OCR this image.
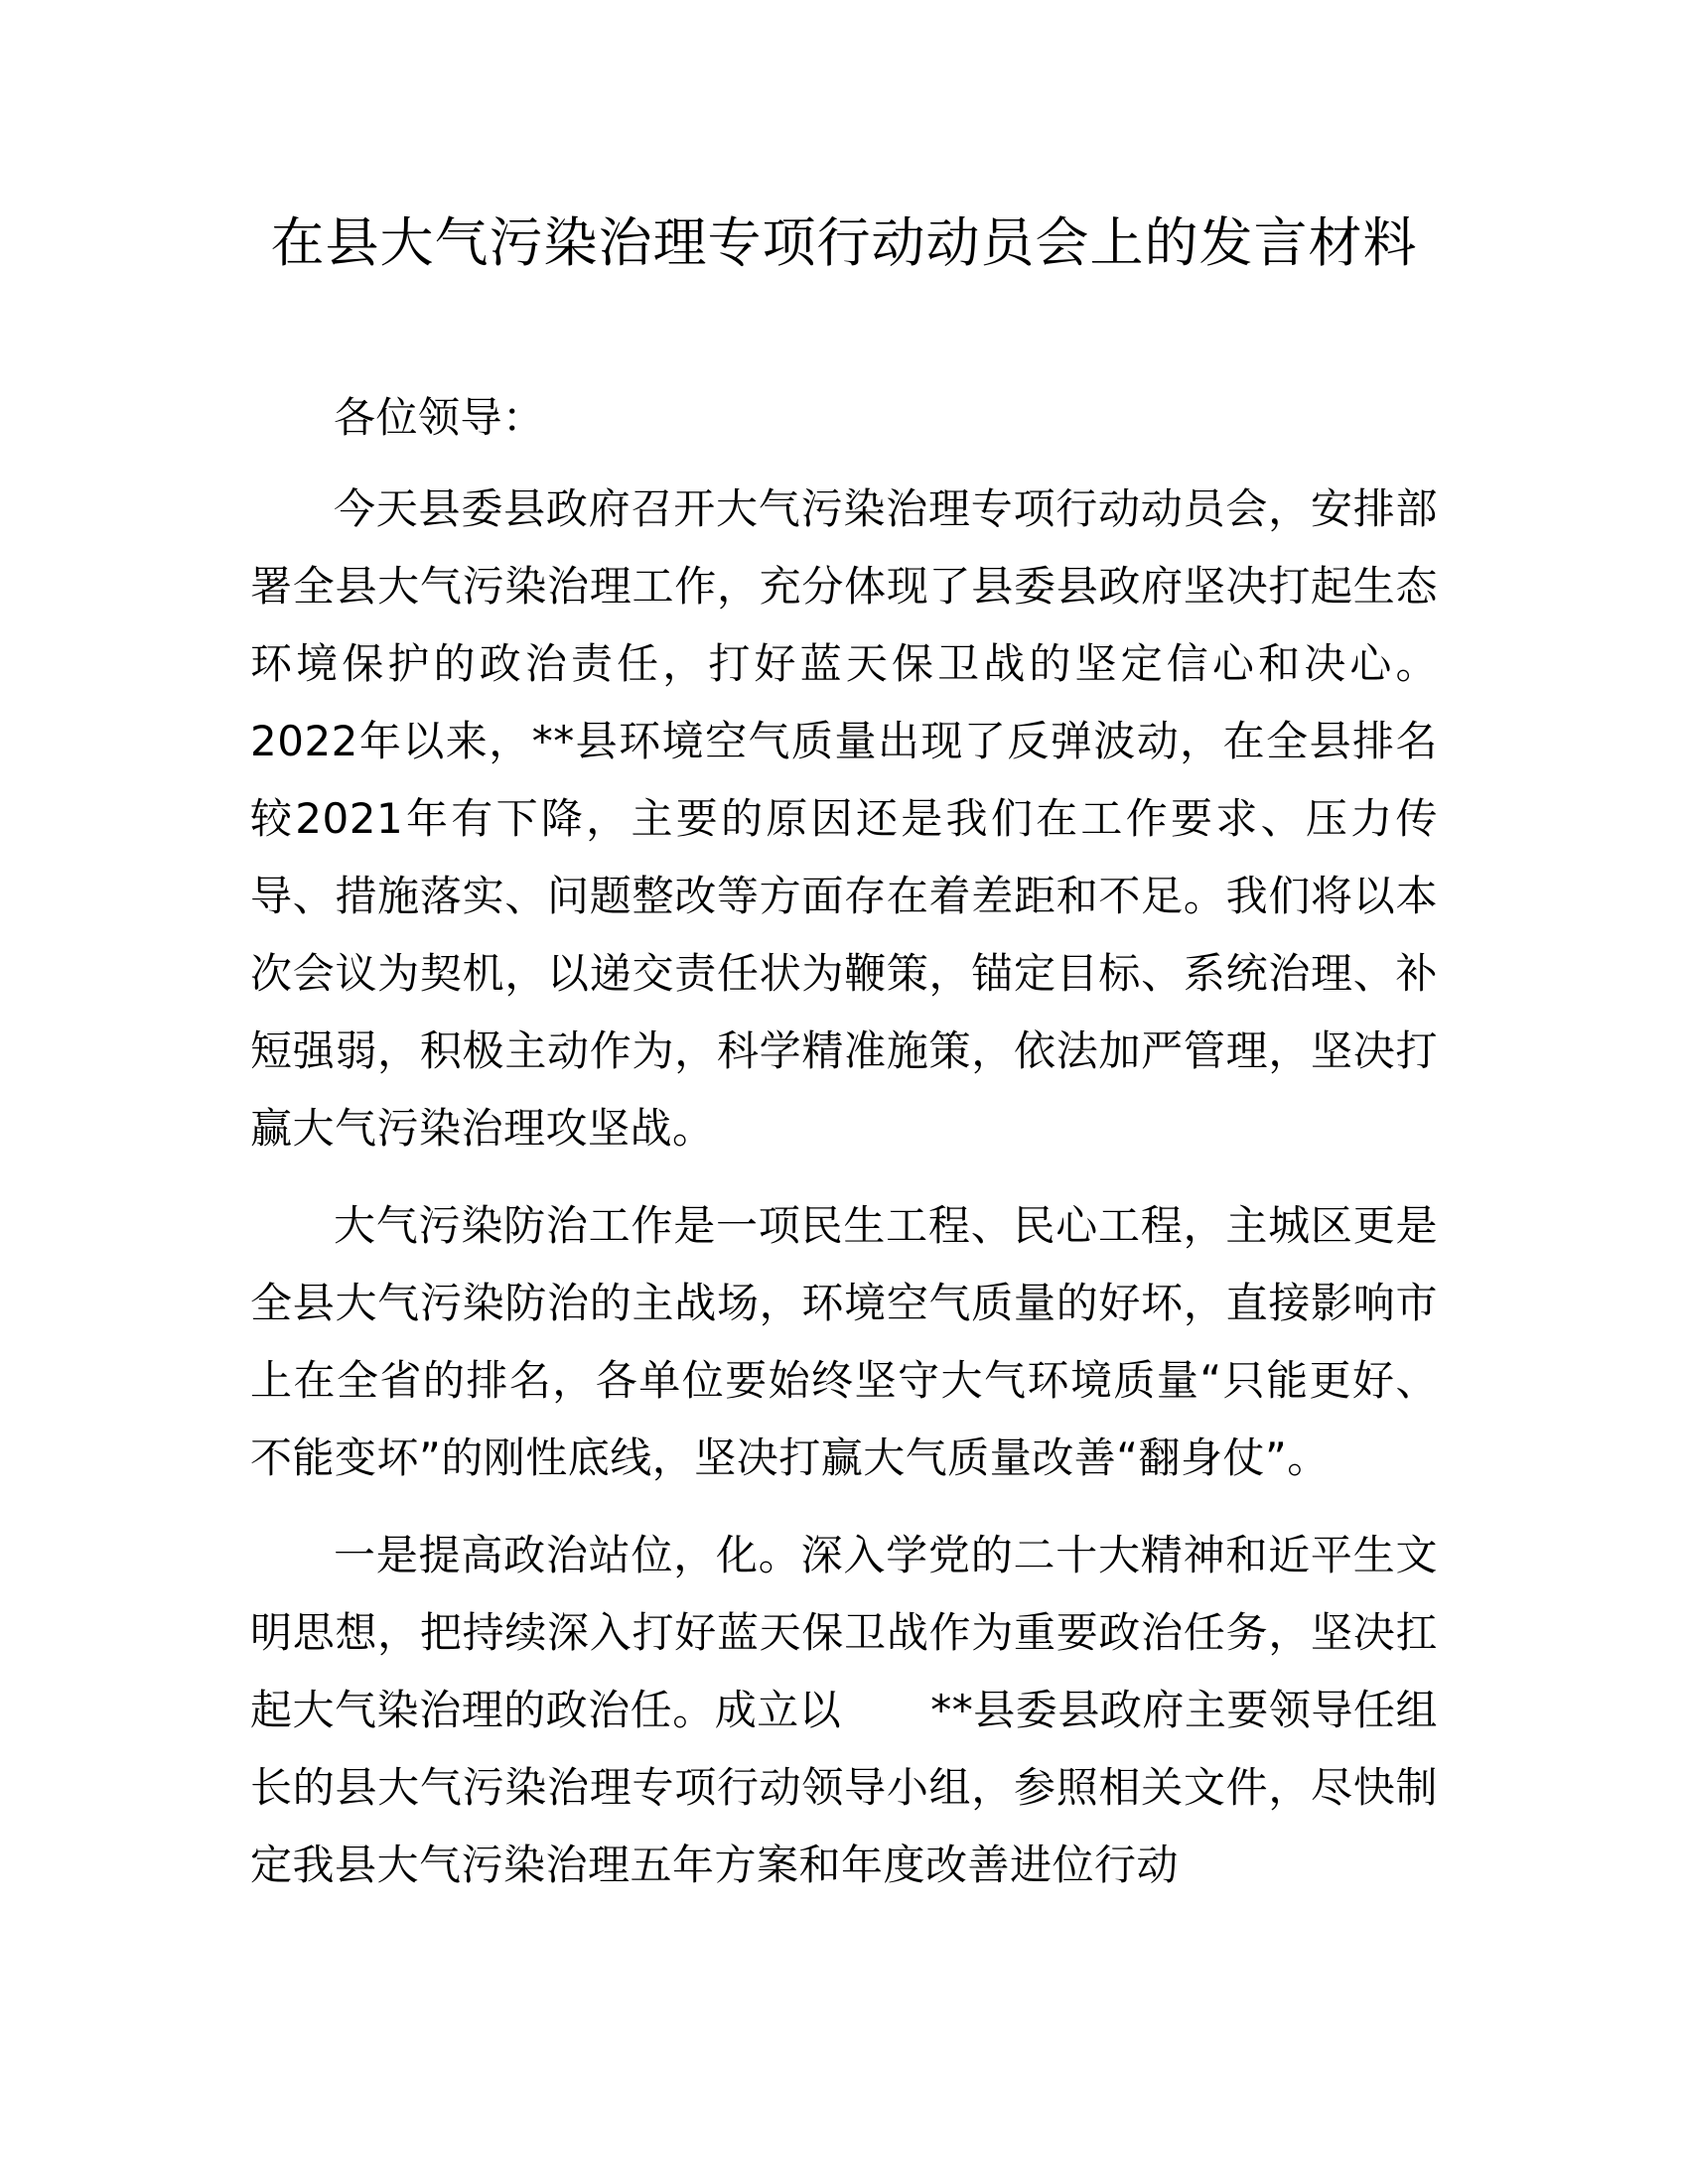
在县大气污染治理专项行动动员会上的发言材料

各位领导：

今天县委县政府召开大气污染治理专项行动动员会，安排部署全县大气污染治理工作，充分体现了县委县政府坚决打起生态环境保护的政治责任，打好蓝天保卫战的坚定信心和决心。2022年以来，**县环境空气质量出现了反弹波动，在全县排名较2021年有下降，主要的原因还是我们在工作要求、压力传导、措施落实、问题整改等方面存在着差距和不足。我们将以本次会议为契机，以递交责任状为鞭策，锚定目标、系统治理、补短强弱，积极主动作为，科学精准施策，依法加严管理，坚决打赢大气污染治理攻坚战。

大气污染防治工作是一项民生工程、民心工程，主城区更是全县大气污染防治的主战场，环境空气质量的好坏，直接影响市上在全省的排名，各单位要始终坚守大气环境质量“只能更好、不能变坏”的刚性底线，坚决打赢大气质量改善“翻身仗”。

一是提高政治站位，化。深入学党的二十大精神和近平生文明思想，把持续深入打好蓝天保卫战作为重要政治任务，坚决扛起大气染治理的政治任。成立以 **县委县政府主要领导任组长的县大气污染治理专项行动领导小组，参照相关文件，尽快制定我县大气污染治理五年方案和年度改善进位行动
